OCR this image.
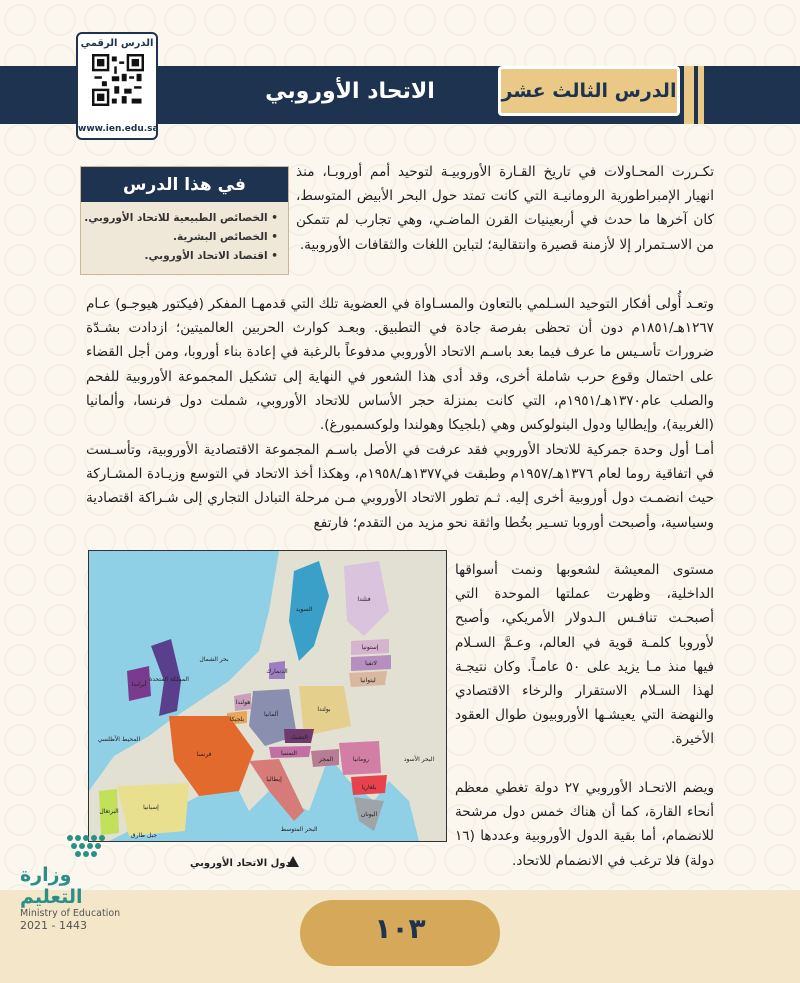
الاتحاد الأوروبي	الدرس الثالث عشر
الدرس الرقمي
www.ien.edu.sa
في هذا الدرس
• الخصائص الطبيعية للاتحاد الأوروبي.
• الخصائص البشرية.
• اقتصاد الاتحاد الأوروبي.

تكـررت المحـاولات في تاريخ القـارة الأوروبيـة لتوحيد أمم أوروبـا، منذ انهيار الإمبراطورية الرومانيـة التي كانت تمتد حول البحر الأبيض المتوسط، كان آخرها ما حدث في أربعينيات القرن الماضـي، وهي تجارب لم تتمكن من الاسـتمرار إلا لأزمنة قصيرة وانتقالية؛ لتباين اللغات والثقافات الأوروبية.

وتعـد أُولى أفكار التوحيد السـلمي بالتعاون والمسـاواة في العضوية تلك التي قدمهـا المفكر (فيكتور هيوجـو) عـام ١٢٦٧هـ/١٨٥١م دون أن تحظى بفرصة جادة في التطبيق. وبعـد كوارث الحربين العالميتين؛ ازدادت بشـدّة ضرورات تأسـيس ما عرف فيما بعد باسـم الاتحاد الأوروبي مدفوعاً بالرغبة في إعادة بناء أوروبا، ومن أجل القضاء على احتمال وقوع حرب شاملة أخرى، وقد أدى هذا الشعور في النهاية إلى تشكيل المجموعة الأوروبية للفحم والصلب عام١٣٧٠هـ/١٩٥١م، التي كانت بمنزلة حجر الأساس للاتحاد الأوروبي، شملت دول فرنسا، وألمانيا (الغربية)، وإيطاليا ودول البنولوكس وهي (بلجيكا وهولندا ولوكسمبورغ).

أمـا أول وحدة جمركية للاتحاد الأوروبي فقد عرفت في الأصل باسـم المجموعة الاقتصادية الأوروبية، وتأسـست في اتفاقية روما لعام ١٣٧٦هـ/١٩٥٧م وطبقت في١٣٧٧هـ/١٩٥٨م، وهكذا أخذ الاتحاد في التوسع وزيـادة المشـاركة حيث انضمـت دول أوروبية أخرى إليه. ثـم تطور الاتحاد الأوروبي مـن مرحلة التبادل التجاري إلى شـراكة اقتصادية وسياسية، وأصبحت أوروبا تسـير بخُطا واثقة نحو مزيد من التقدم؛ فارتفع

مستوى المعيشة لشعوبها ونمت أسواقها الداخلية، وظهرت عملتها الموحدة التي أصبحـت تنافـس الـدولار الأمريكي، وأصبح لأوروبا كلمـة قوية في العالم، وعـمَّ السـلام فيها منذ مـا يزيد على ٥٠ عامـاً. وكان نتيجـة لهذا السـلام الاستقرار والرخاء الاقتصادي والنهضة التي يعيشـها الأوروبيون طوال العقود الأخيرة.

ويضم الاتحـاد الأوروبي ٢٧ دولة تغطي معظم أنحاء القارة، كما أن هناك خمس دول مرشحة للانضمام، أما بقية الدول الأوروبية وعددها (١٦ دولة) فلا ترغب في الانضمام للاتحاد.

السويد
فنلندا
إستونيا
لاتفيا
ليتوانيا
أيرلندا
المملكة المتحدة
الدنمارك
هولندا
بلجيكا
ألمانيا
بولندا
التشيك
النمسا
المجر	رومانيا
بلغاريا
فرنسا
إسبانيا
البرتغال
إيطاليا
اليونان
البحر المتوسط
المحيط الأطلسي
بحر الشمال
البحر الأسود
جبل طارق
دول الاتحاد الأوروبي
١٠٣
وزارة التعليم
Ministry of Education
2021 - 1443
